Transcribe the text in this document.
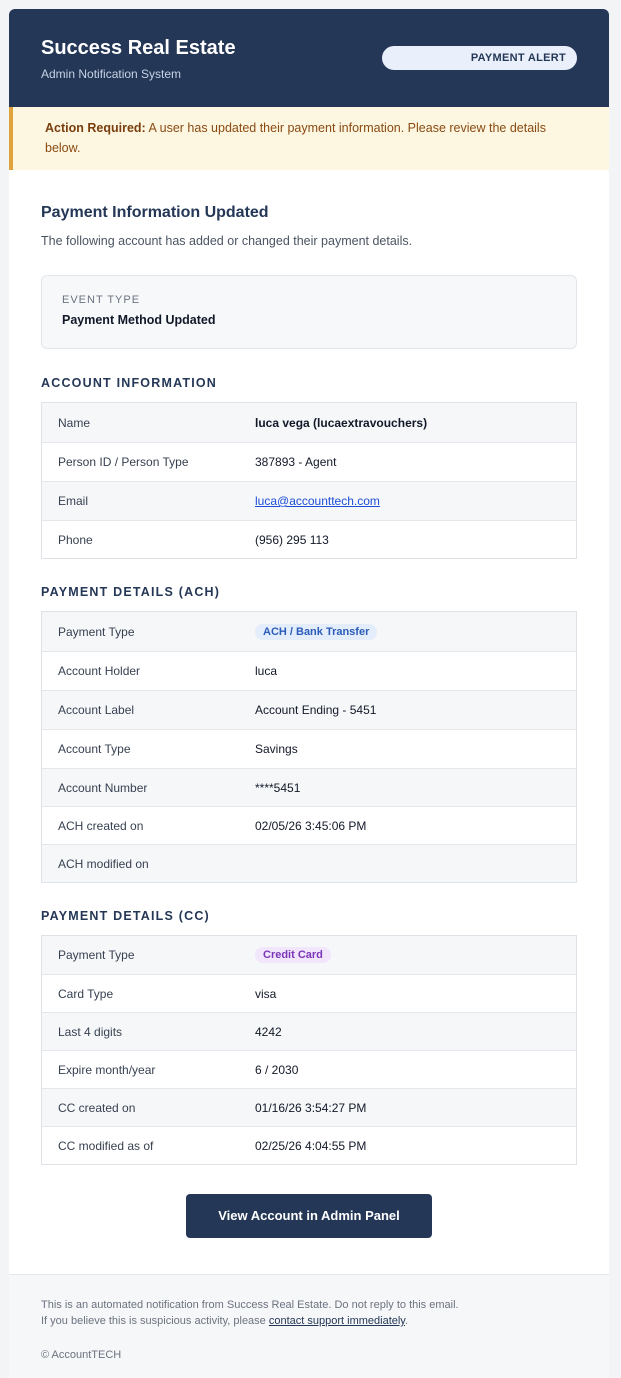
Success Real Estate
Admin Notification System
PAYMENT ALERT
Action Required: A user has updated their payment information. Please review the details below.
Payment Information Updated
The following account has added or changed their payment details.
EVENT TYPE
Payment Method Updated
ACCOUNT INFORMATION
Name	luca vega (lucaextravouchers)
Person ID / Person Type	387893 - Agent
Email	luca@accounttech.com
Phone	(956) 295 113
PAYMENT DETAILS (ACH)
Payment Type	ACH / Bank Transfer
Account Holder	luca
Account Label	Account Ending - 5451
Account Type	Savings
Account Number	****5451
ACH created on	02/05/26 3:45:06 PM
ACH modified on
PAYMENT DETAILS (CC)
Payment Type	Credit Card
Card Type	visa
Last 4 digits	4242
Expire month/year	6 / 2030
CC created on	01/16/26 3:54:27 PM
CC modified as of	02/25/26 4:04:55 PM
View Account in Admin Panel
This is an automated notification from Success Real Estate. Do not reply to this email.
If you believe this is suspicious activity, please contact support immediately.
© AccountTECH
